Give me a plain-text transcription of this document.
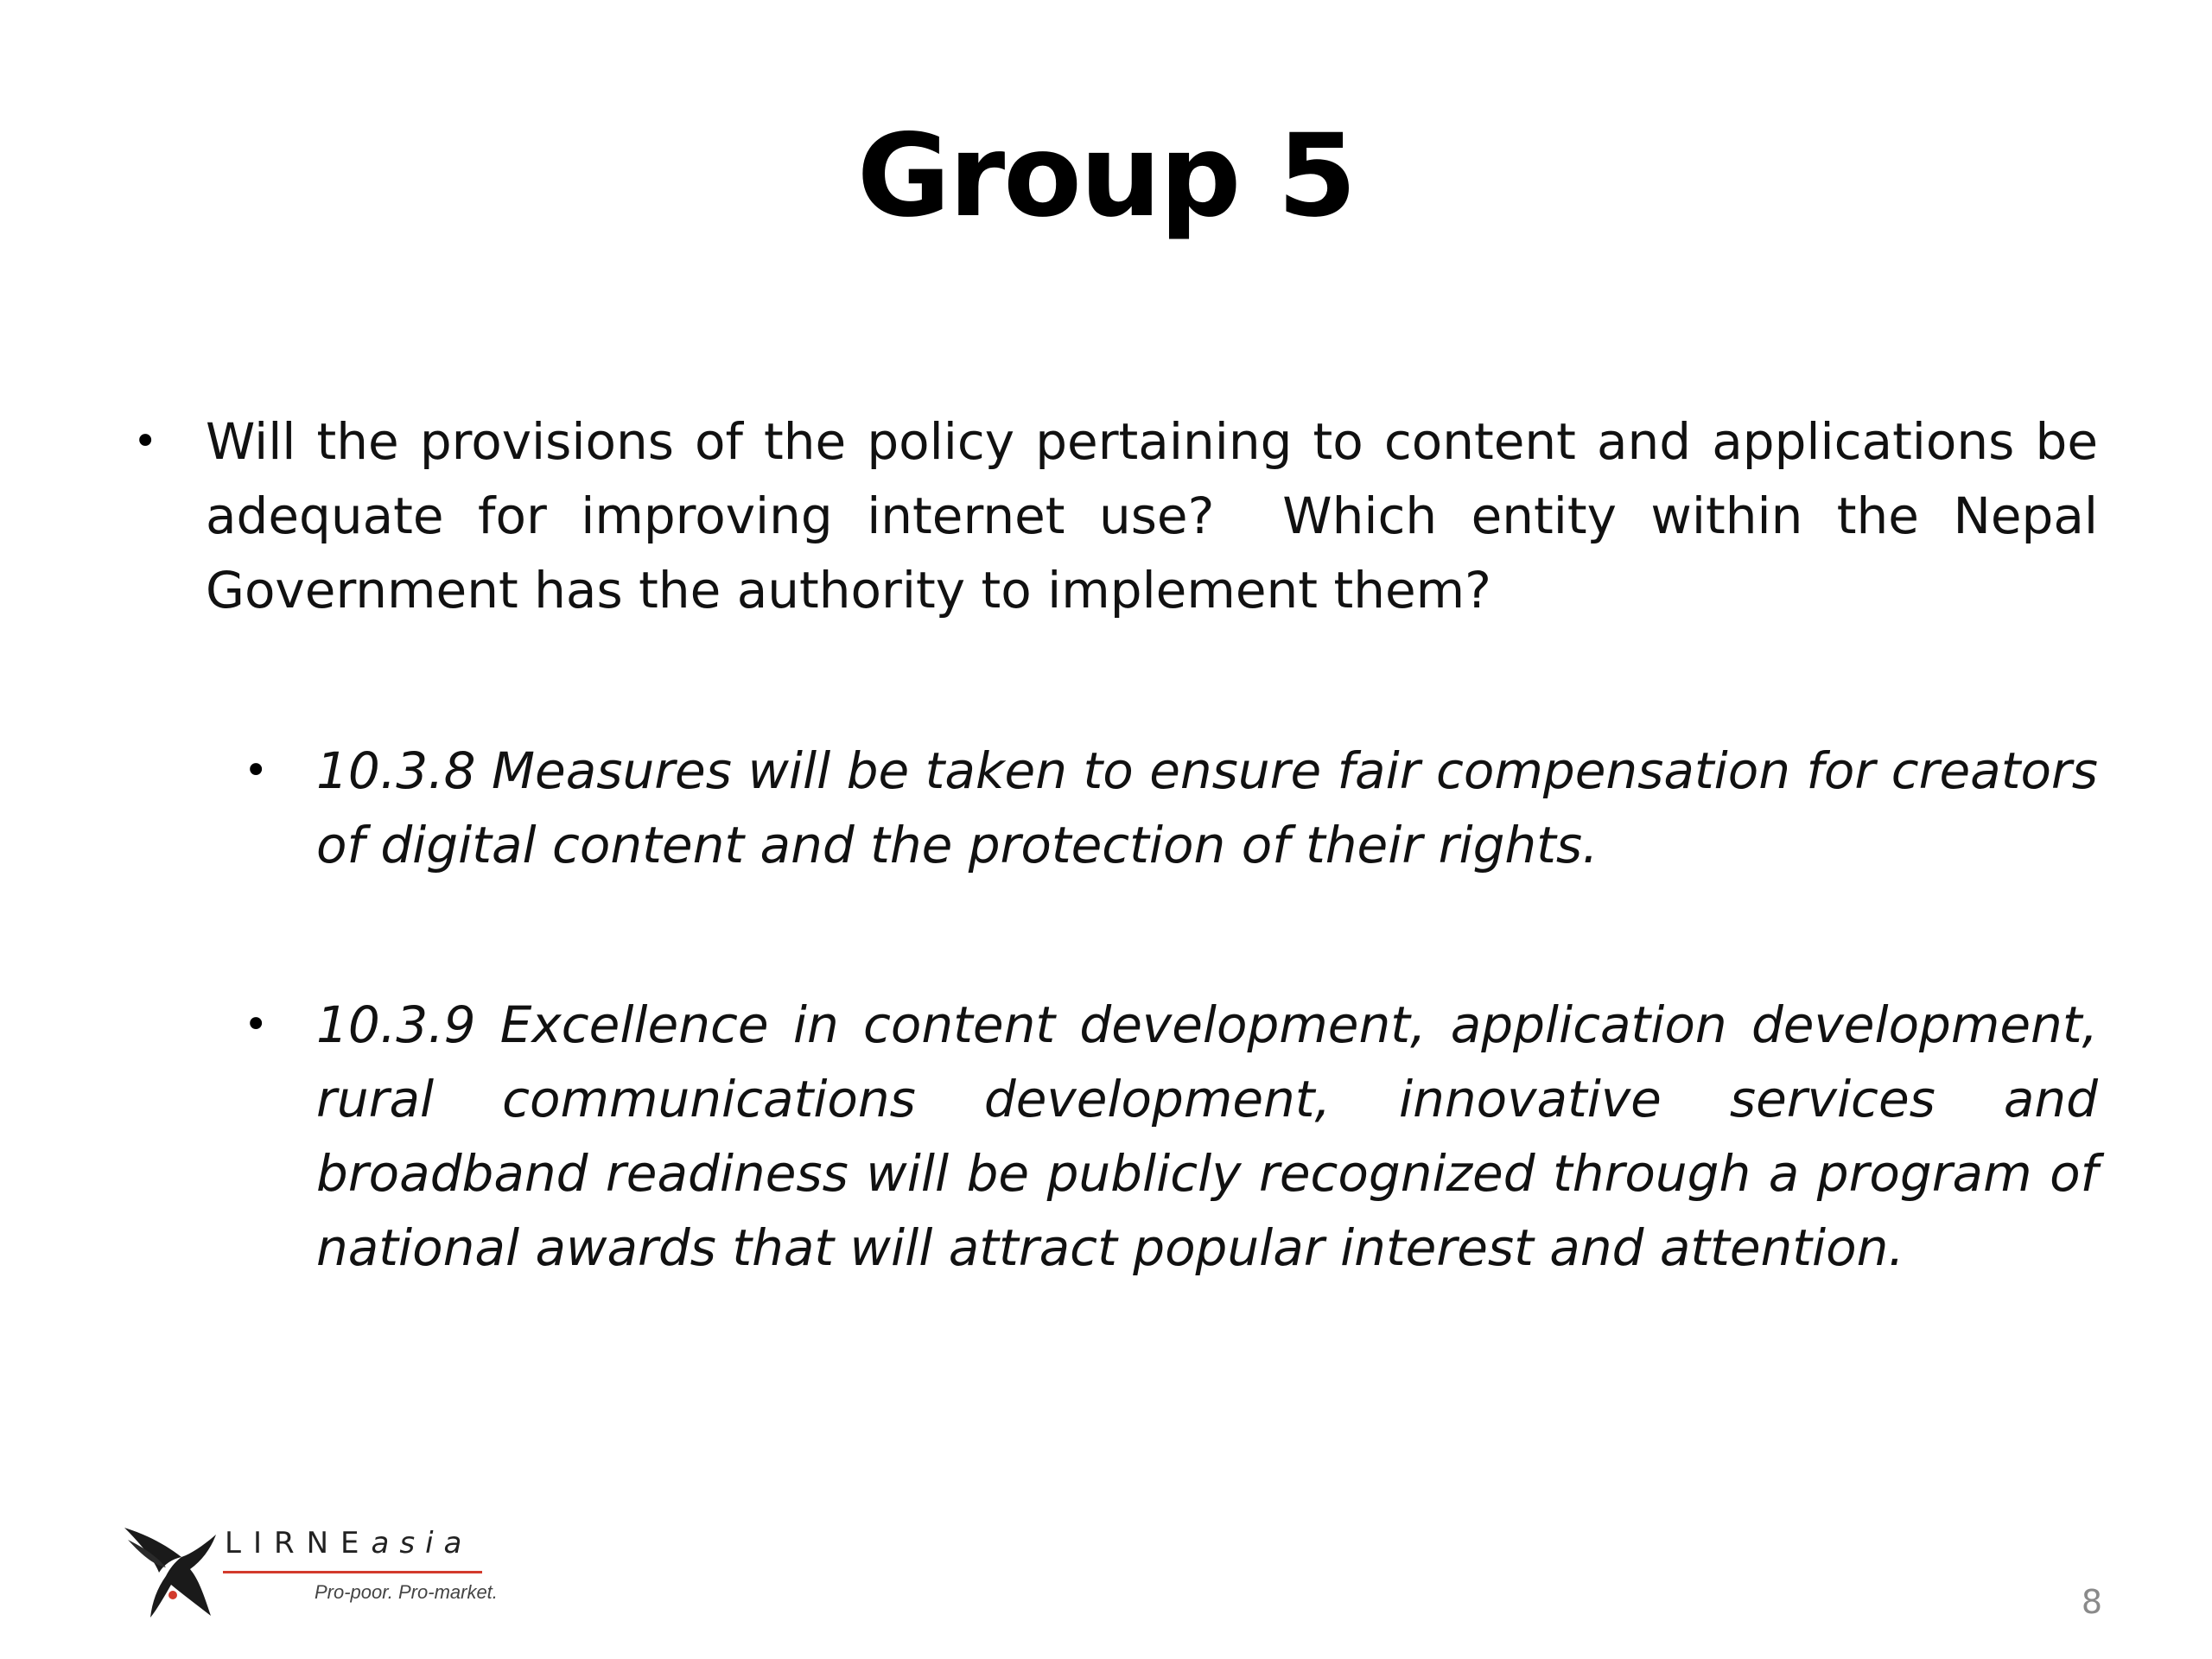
Group 5
• Will the provisions of the policy pertaining to content and applications be adequate for improving internet use?  Which entity within the Nepal Government has the authority to implement them?
• 10.3.8 Measures will be taken to ensure fair compensation for creators of digital content and the protection of their rights.
• 10.3.9 Excellence in content development, application development, rural communications development, innovative services and broadband readiness will be publicly recognized through a program of national awards that will attract popular interest and attention.
LIRNEasia
Pro-poor. Pro-market.	8
